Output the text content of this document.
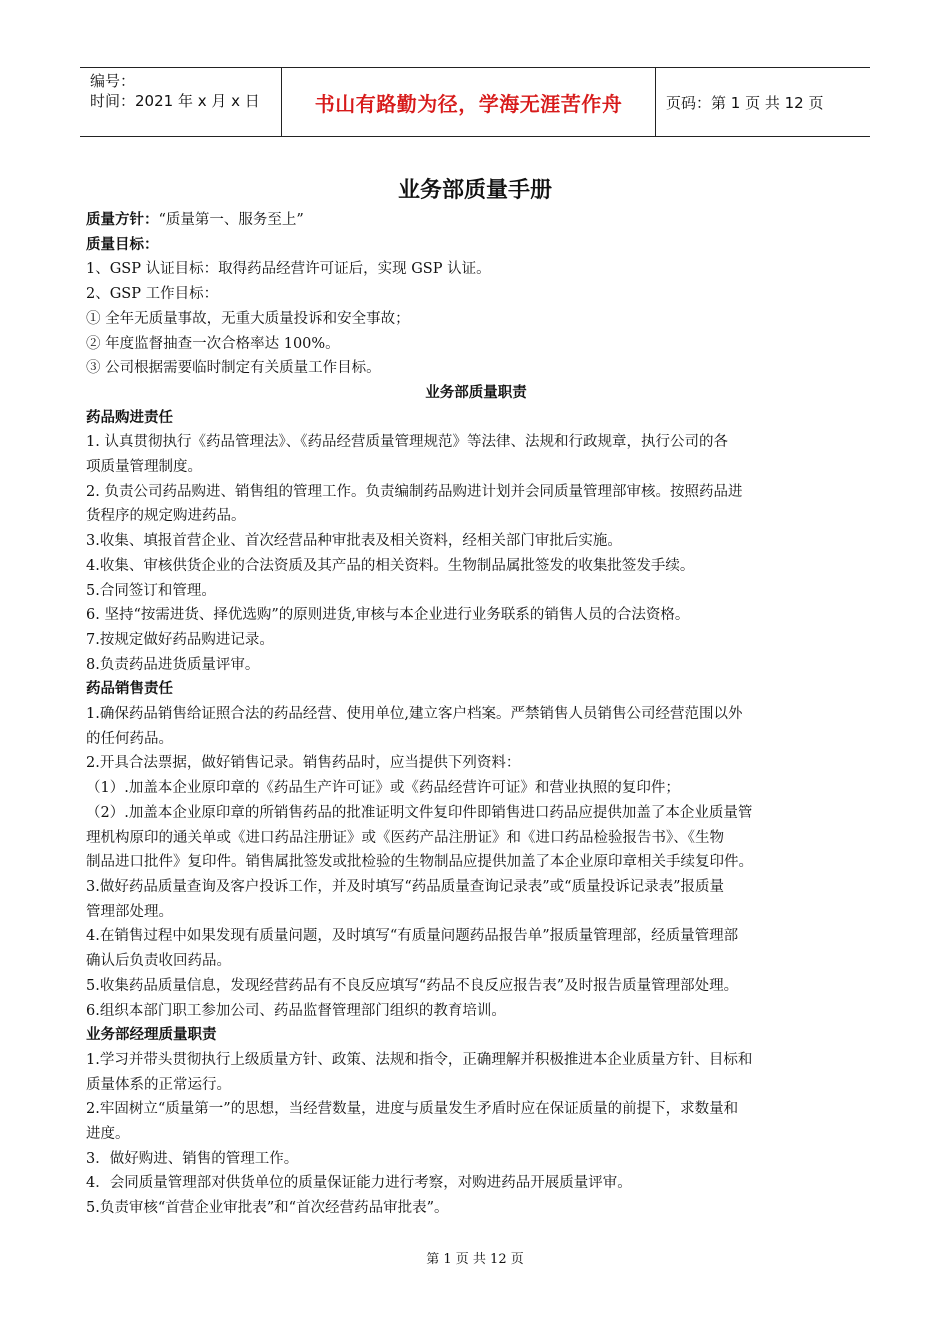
编号：
时间：2021 年 x 月 x 日	书山有路勤为径，学海无涯苦作舟	页码：第 1 页 共 12 页
业务部质量手册
质量方针：“质量第一、服务至上”
质量目标：
1、GSP 认证目标：取得药品经营许可证后，实现 GSP 认证。
2、GSP 工作目标：
① 全年无质量事故，无重大质量投诉和安全事故；
② 年度监督抽查一次合格率达 100%。
③ 公司根据需要临时制定有关质量工作目标。
业务部质量职责
药品购进责任
1. 认真贯彻执行《药品管理法》、《药品经营质量管理规范》等法律、法规和行政规章，执行公司的各
项质量管理制度。
2. 负责公司药品购进、销售组的管理工作。负责编制药品购进计划并会同质量管理部审核。按照药品进
货程序的规定购进药品。
3.收集、填报首营企业、首次经营品种审批表及相关资料，经相关部门审批后实施。
4.收集、审核供货企业的合法资质及其产品的相关资料。生物制品属批签发的收集批签发手续。
5.合同签订和管理。
6. 坚持“按需进货、择优选购”的原则进货,审核与本企业进行业务联系的销售人员的合法资格。
7.按规定做好药品购进记录。
8.负责药品进货质量评审。
药品销售责任
1.确保药品销售给证照合法的药品经营、使用单位,建立客户档案。严禁销售人员销售公司经营范围以外
的任何药品。
2.开具合法票据，做好销售记录。销售药品时，应当提供下列资料：
（1）.加盖本企业原印章的《药品生产许可证》或《药品经营许可证》和营业执照的复印件；
（2）.加盖本企业原印章的所销售药品的批准证明文件复印件即销售进口药品应提供加盖了本企业质量管
理机构原印的通关单或《进口药品注册证》或《医药产品注册证》和《进口药品检验报告书》、《生物
制品进口批件》复印件。销售属批签发或批检验的生物制品应提供加盖了本企业原印章相关手续复印件。
3.做好药品质量查询及客户投诉工作，并及时填写“药品质量查询记录表”或“质量投诉记录表”报质量
管理部处理。
4.在销售过程中如果发现有质量问题，及时填写“有质量问题药品报告单”报质量管理部，经质量管理部
确认后负责收回药品。
5.收集药品质量信息，发现经营药品有不良反应填写“药品不良反应报告表”及时报告质量管理部处理。
6.组织本部门职工参加公司、药品监督管理部门组织的教育培训。
业务部经理质量职责
1.学习并带头贯彻执行上级质量方针、政策、法规和指令，正确理解并积极推进本企业质量方针、目标和
质量体系的正常运行。
2.牢固树立“质量第一”的思想，当经营数量，进度与质量发生矛盾时应在保证质量的前提下，求数量和
进度。
3．做好购进、销售的管理工作。
4．会同质量管理部对供货单位的质量保证能力进行考察，对购进药品开展质量评审。
5.负责审核“首营企业审批表”和“首次经营药品审批表”。
第 1 页 共 12 页
